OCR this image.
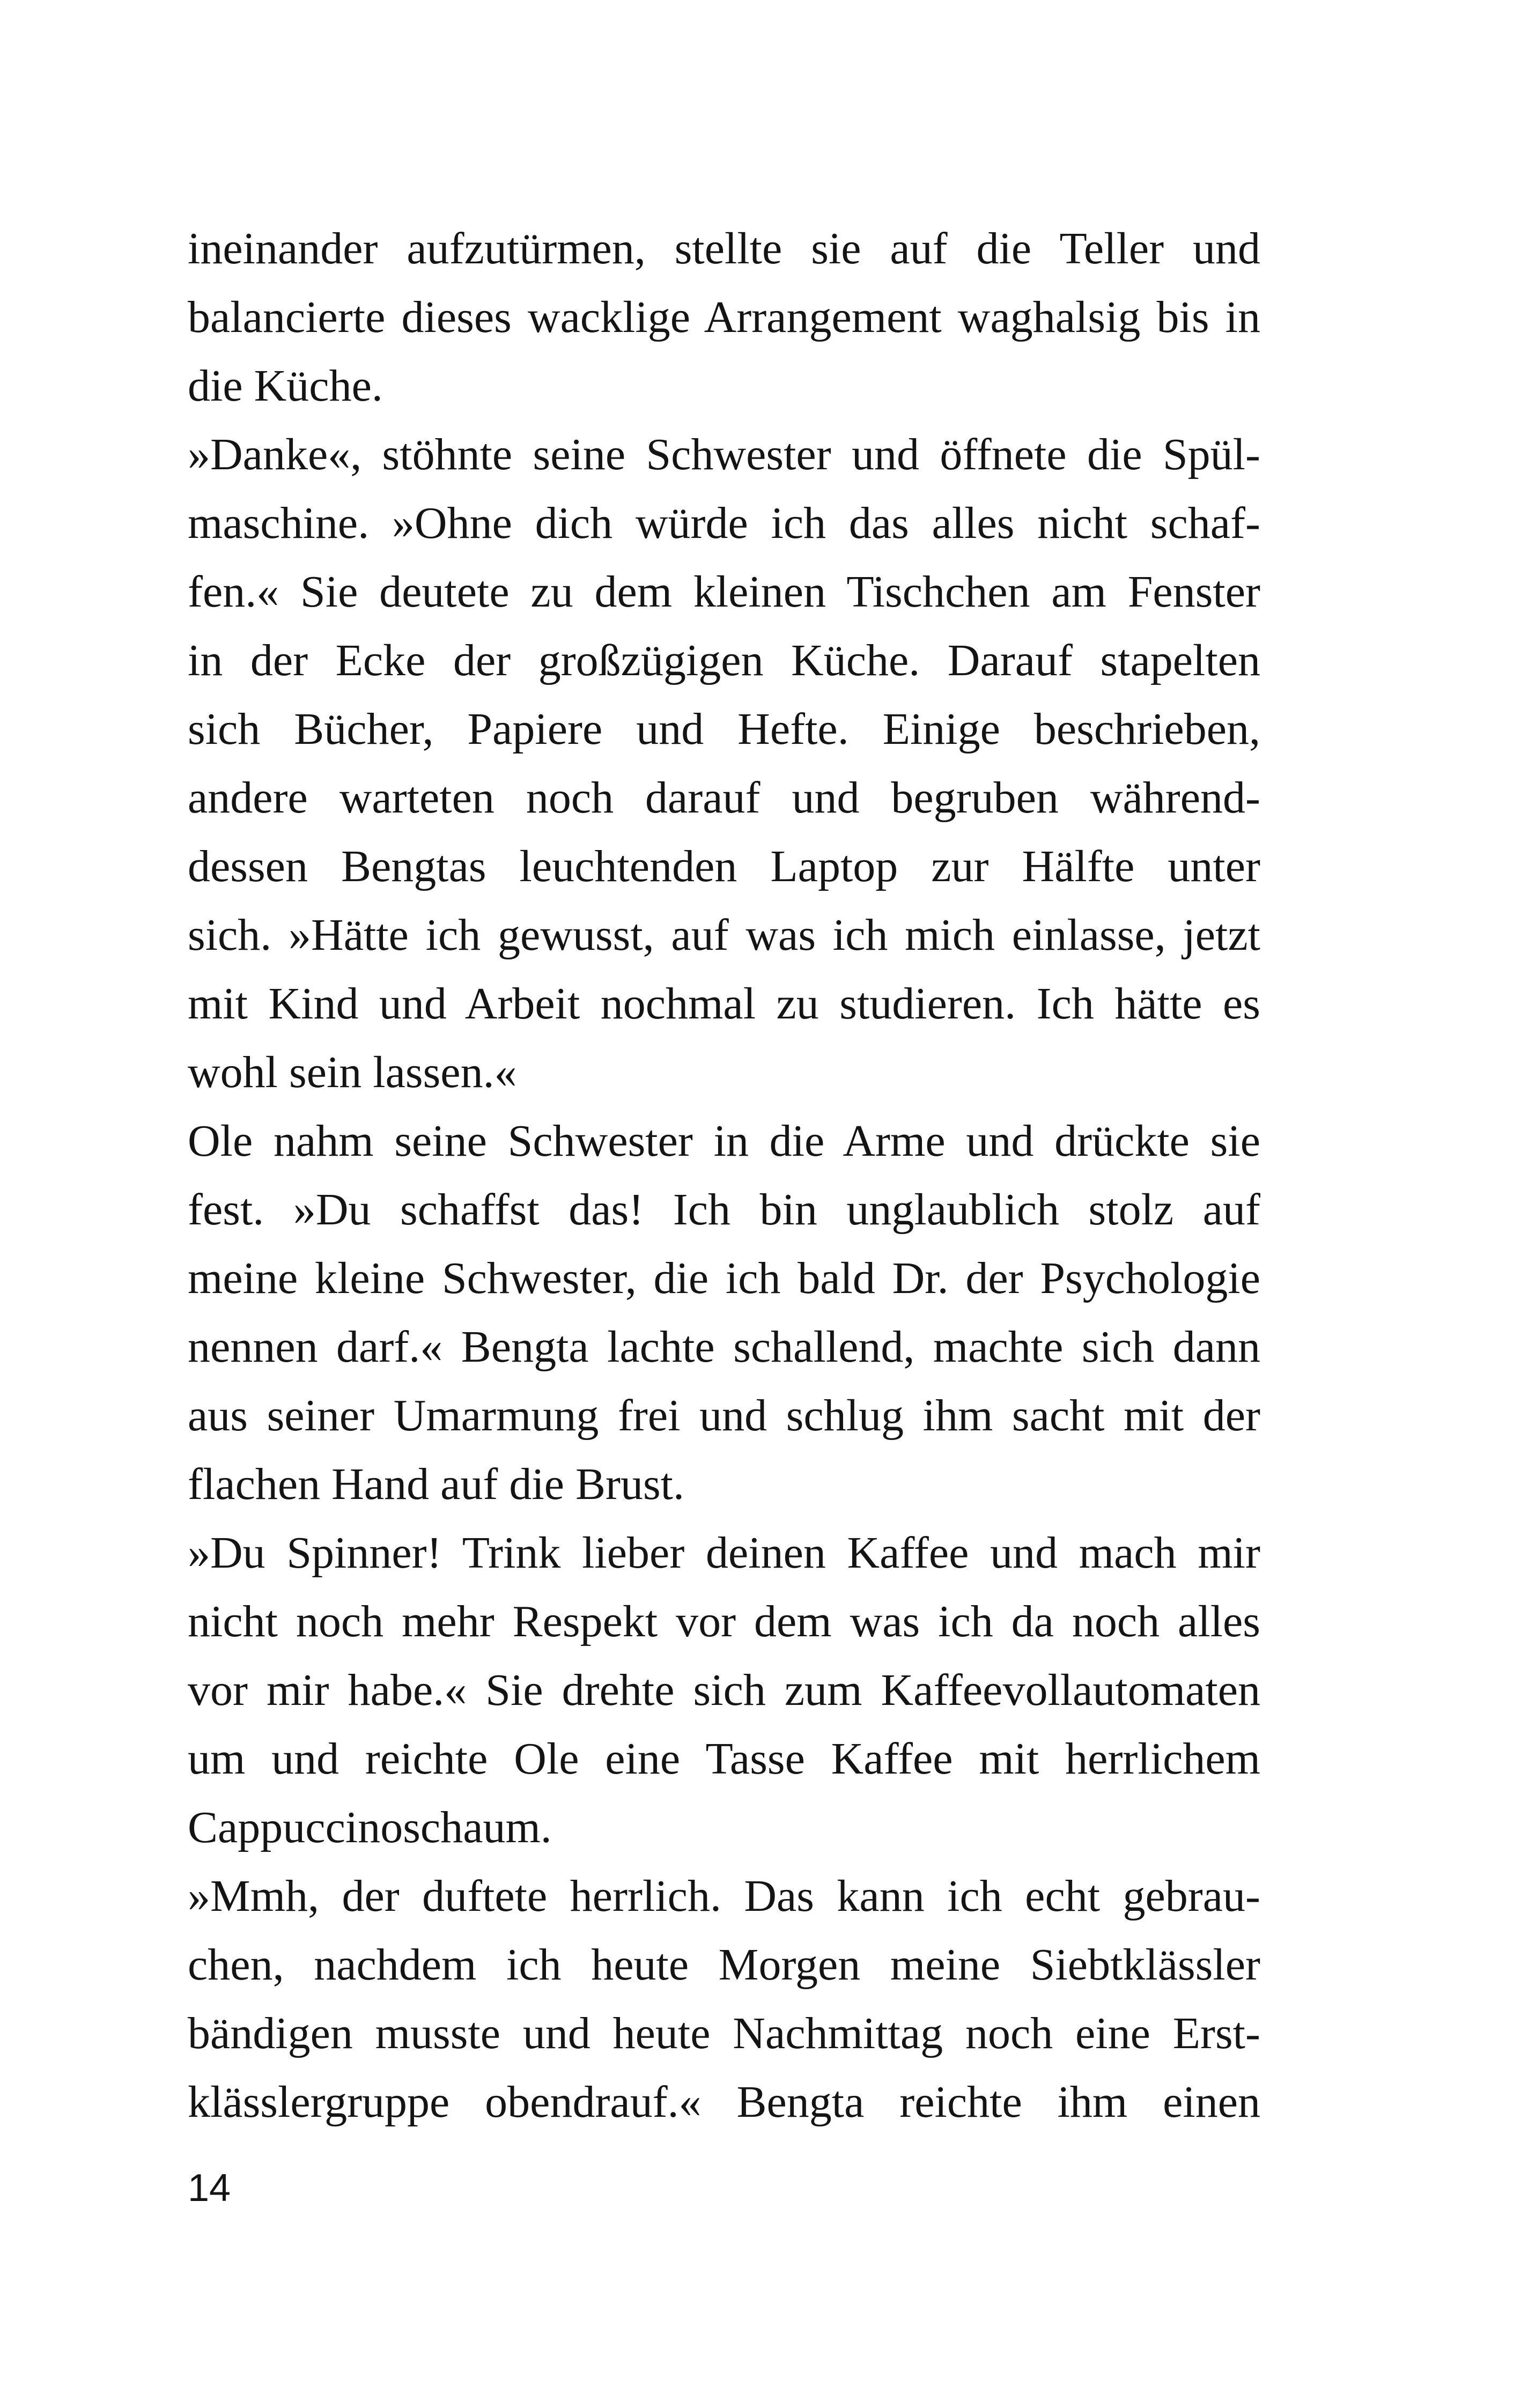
ineinander aufzutürmen, stellte sie auf die Teller und
balancierte dieses wacklige Arrangement waghalsig bis in
die Küche.
»Danke«, stöhnte seine Schwester und öffnete die Spül-
maschine. »Ohne dich würde ich das alles nicht schaf-
fen.« Sie deutete zu dem kleinen Tischchen am Fenster
in der Ecke der großzügigen Küche. Darauf stapelten
sich Bücher, Papiere und Hefte. Einige beschrieben,
andere warteten noch darauf und begruben während-
dessen Bengtas leuchtenden Laptop zur Hälfte unter
sich. »Hätte ich gewusst, auf was ich mich einlasse, jetzt
mit Kind und Arbeit nochmal zu studieren. Ich hätte es
wohl sein lassen.«
Ole nahm seine Schwester in die Arme und drückte sie
fest. »Du schaffst das! Ich bin unglaublich stolz auf
meine kleine Schwester, die ich bald Dr. der Psychologie
nennen darf.« Bengta lachte schallend, machte sich dann
aus seiner Umarmung frei und schlug ihm sacht mit der
flachen Hand auf die Brust.
»Du Spinner! Trink lieber deinen Kaffee und mach mir
nicht noch mehr Respekt vor dem was ich da noch alles
vor mir habe.« Sie drehte sich zum Kaffeevollautomaten
um und reichte Ole eine Tasse Kaffee mit herrlichem
Cappuccinoschaum.
»Mmh, der duftete herrlich. Das kann ich echt gebrau-
chen, nachdem ich heute Morgen meine Siebtklässler
bändigen musste und heute Nachmittag noch eine Erst-
klässlergruppe obendrauf.« Bengta reichte ihm einen
14
